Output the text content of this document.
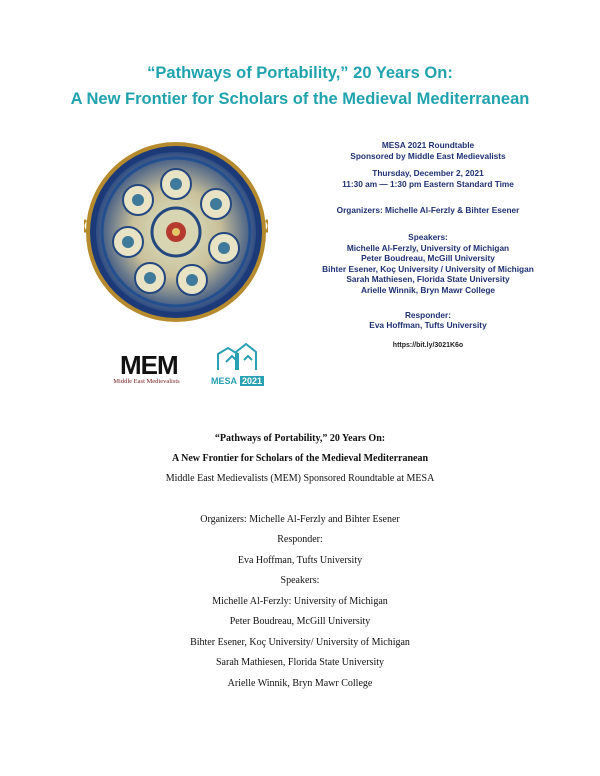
“Pathways of Portability,” 20 Years On:
A New Frontier for Scholars of the Medieval Mediterranean
MESA 2021 Roundtable
Sponsored by Middle East Medievalists
Thursday, December 2, 2021
11:30 am — 1:30 pm Eastern Standard Time
Organizers: Michelle Al-Ferzly & Bihter Esener
Speakers:
Michelle Al-Ferzly, University of Michigan
Peter Boudreau, McGill University
Bihter Esener, Koç University / University of Michigan
Sarah Mathiesen, Florida State University
Arielle Winnik, Bryn Mawr College
Responder:
Eva Hoffman, Tufts University
https://bit.ly/3021K6o
MEM
Middle East Medievalists	MESA 2021
“Pathways of Portability,” 20 Years On:
A New Frontier for Scholars of the Medieval Mediterranean
Middle East Medievalists (MEM) Sponsored Roundtable at MESA
Organizers: Michelle Al-Ferzly and Bihter Esener
Responder:
Eva Hoffman, Tufts University
Speakers:
Michelle Al-Ferzly: University of Michigan
Peter Boudreau, McGill University
Bihter Esener, Koç University/ University of Michigan
Sarah Mathiesen, Florida State University
Arielle Winnik, Bryn Mawr College
